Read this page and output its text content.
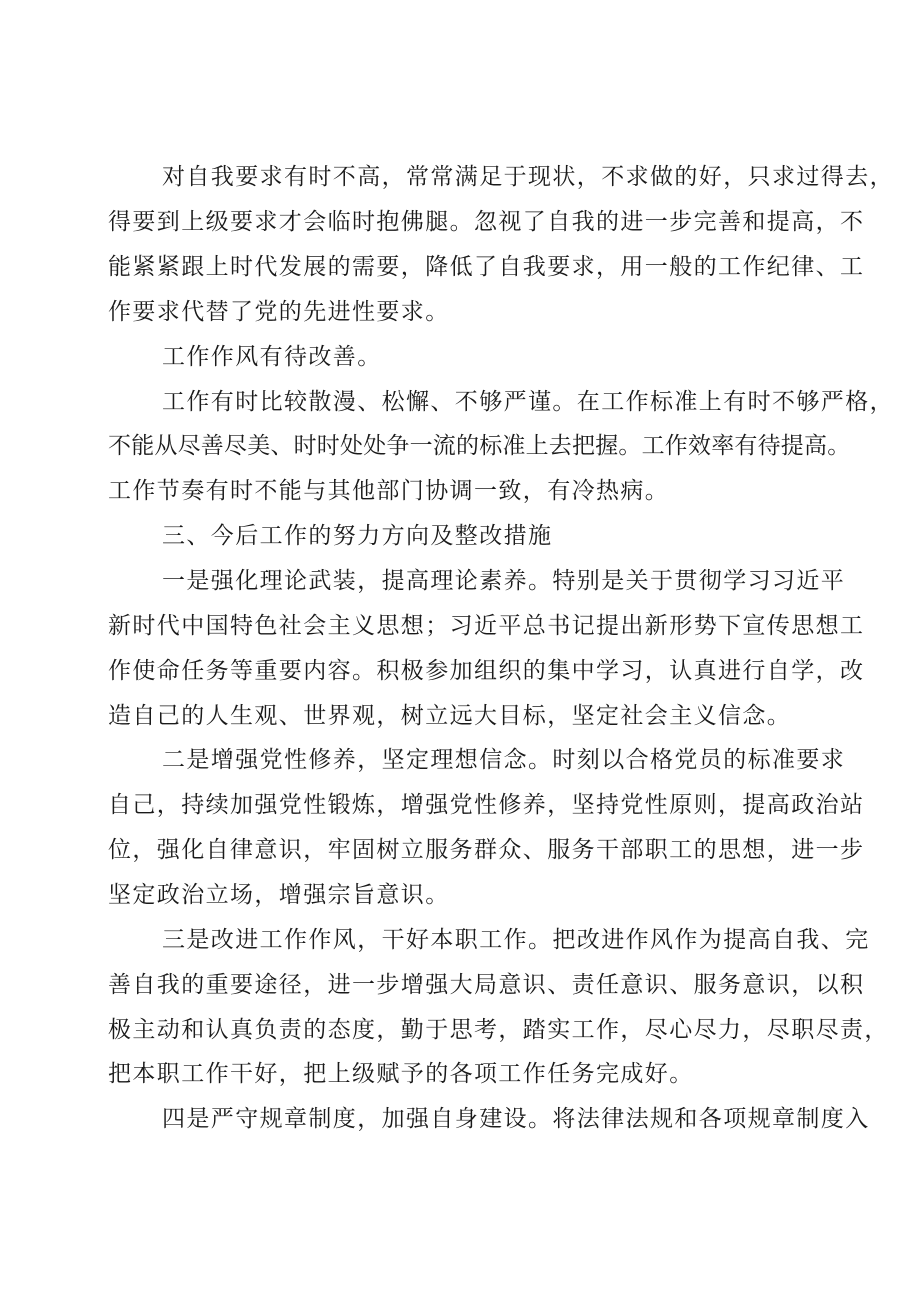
对自我要求有时不高，常常满足于现状，不求做的好，只求过得去，
得要到上级要求才会临时抱佛腿。忽视了自我的进一步完善和提高，不
能紧紧跟上时代发展的需要，降低了自我要求，用一般的工作纪律、工
作要求代替了党的先进性要求。
工作作风有待改善。
工作有时比较散漫、松懈、不够严谨。在工作标准上有时不够严格，
不能从尽善尽美、时时处处争一流的标准上去把握。工作效率有待提高。
工作节奏有时不能与其他部门协调一致，有冷热病。
三、今后工作的努力方向及整改措施
一是强化理论武装，提高理论素养。特别是关于贯彻学习习近平
新时代中国特色社会主义思想；习近平总书记提出新形势下宣传思想工
作使命任务等重要内容。积极参加组织的集中学习，认真进行自学，改
造自己的人生观、世界观，树立远大目标，坚定社会主义信念。
二是增强党性修养，坚定理想信念。时刻以合格党员的标准要求
自己，持续加强党性锻炼，增强党性修养，坚持党性原则，提高政治站
位，强化自律意识，牢固树立服务群众、服务干部职工的思想，进一步
坚定政治立场，增强宗旨意识。
三是改进工作作风，干好本职工作。把改进作风作为提高自我、完
善自我的重要途径，进一步增强大局意识、责任意识、服务意识，以积
极主动和认真负责的态度，勤于思考，踏实工作，尽心尽力，尽职尽责，
把本职工作干好，把上级赋予的各项工作任务完成好。
四是严守规章制度，加强自身建设。将法律法规和各项规章制度入
